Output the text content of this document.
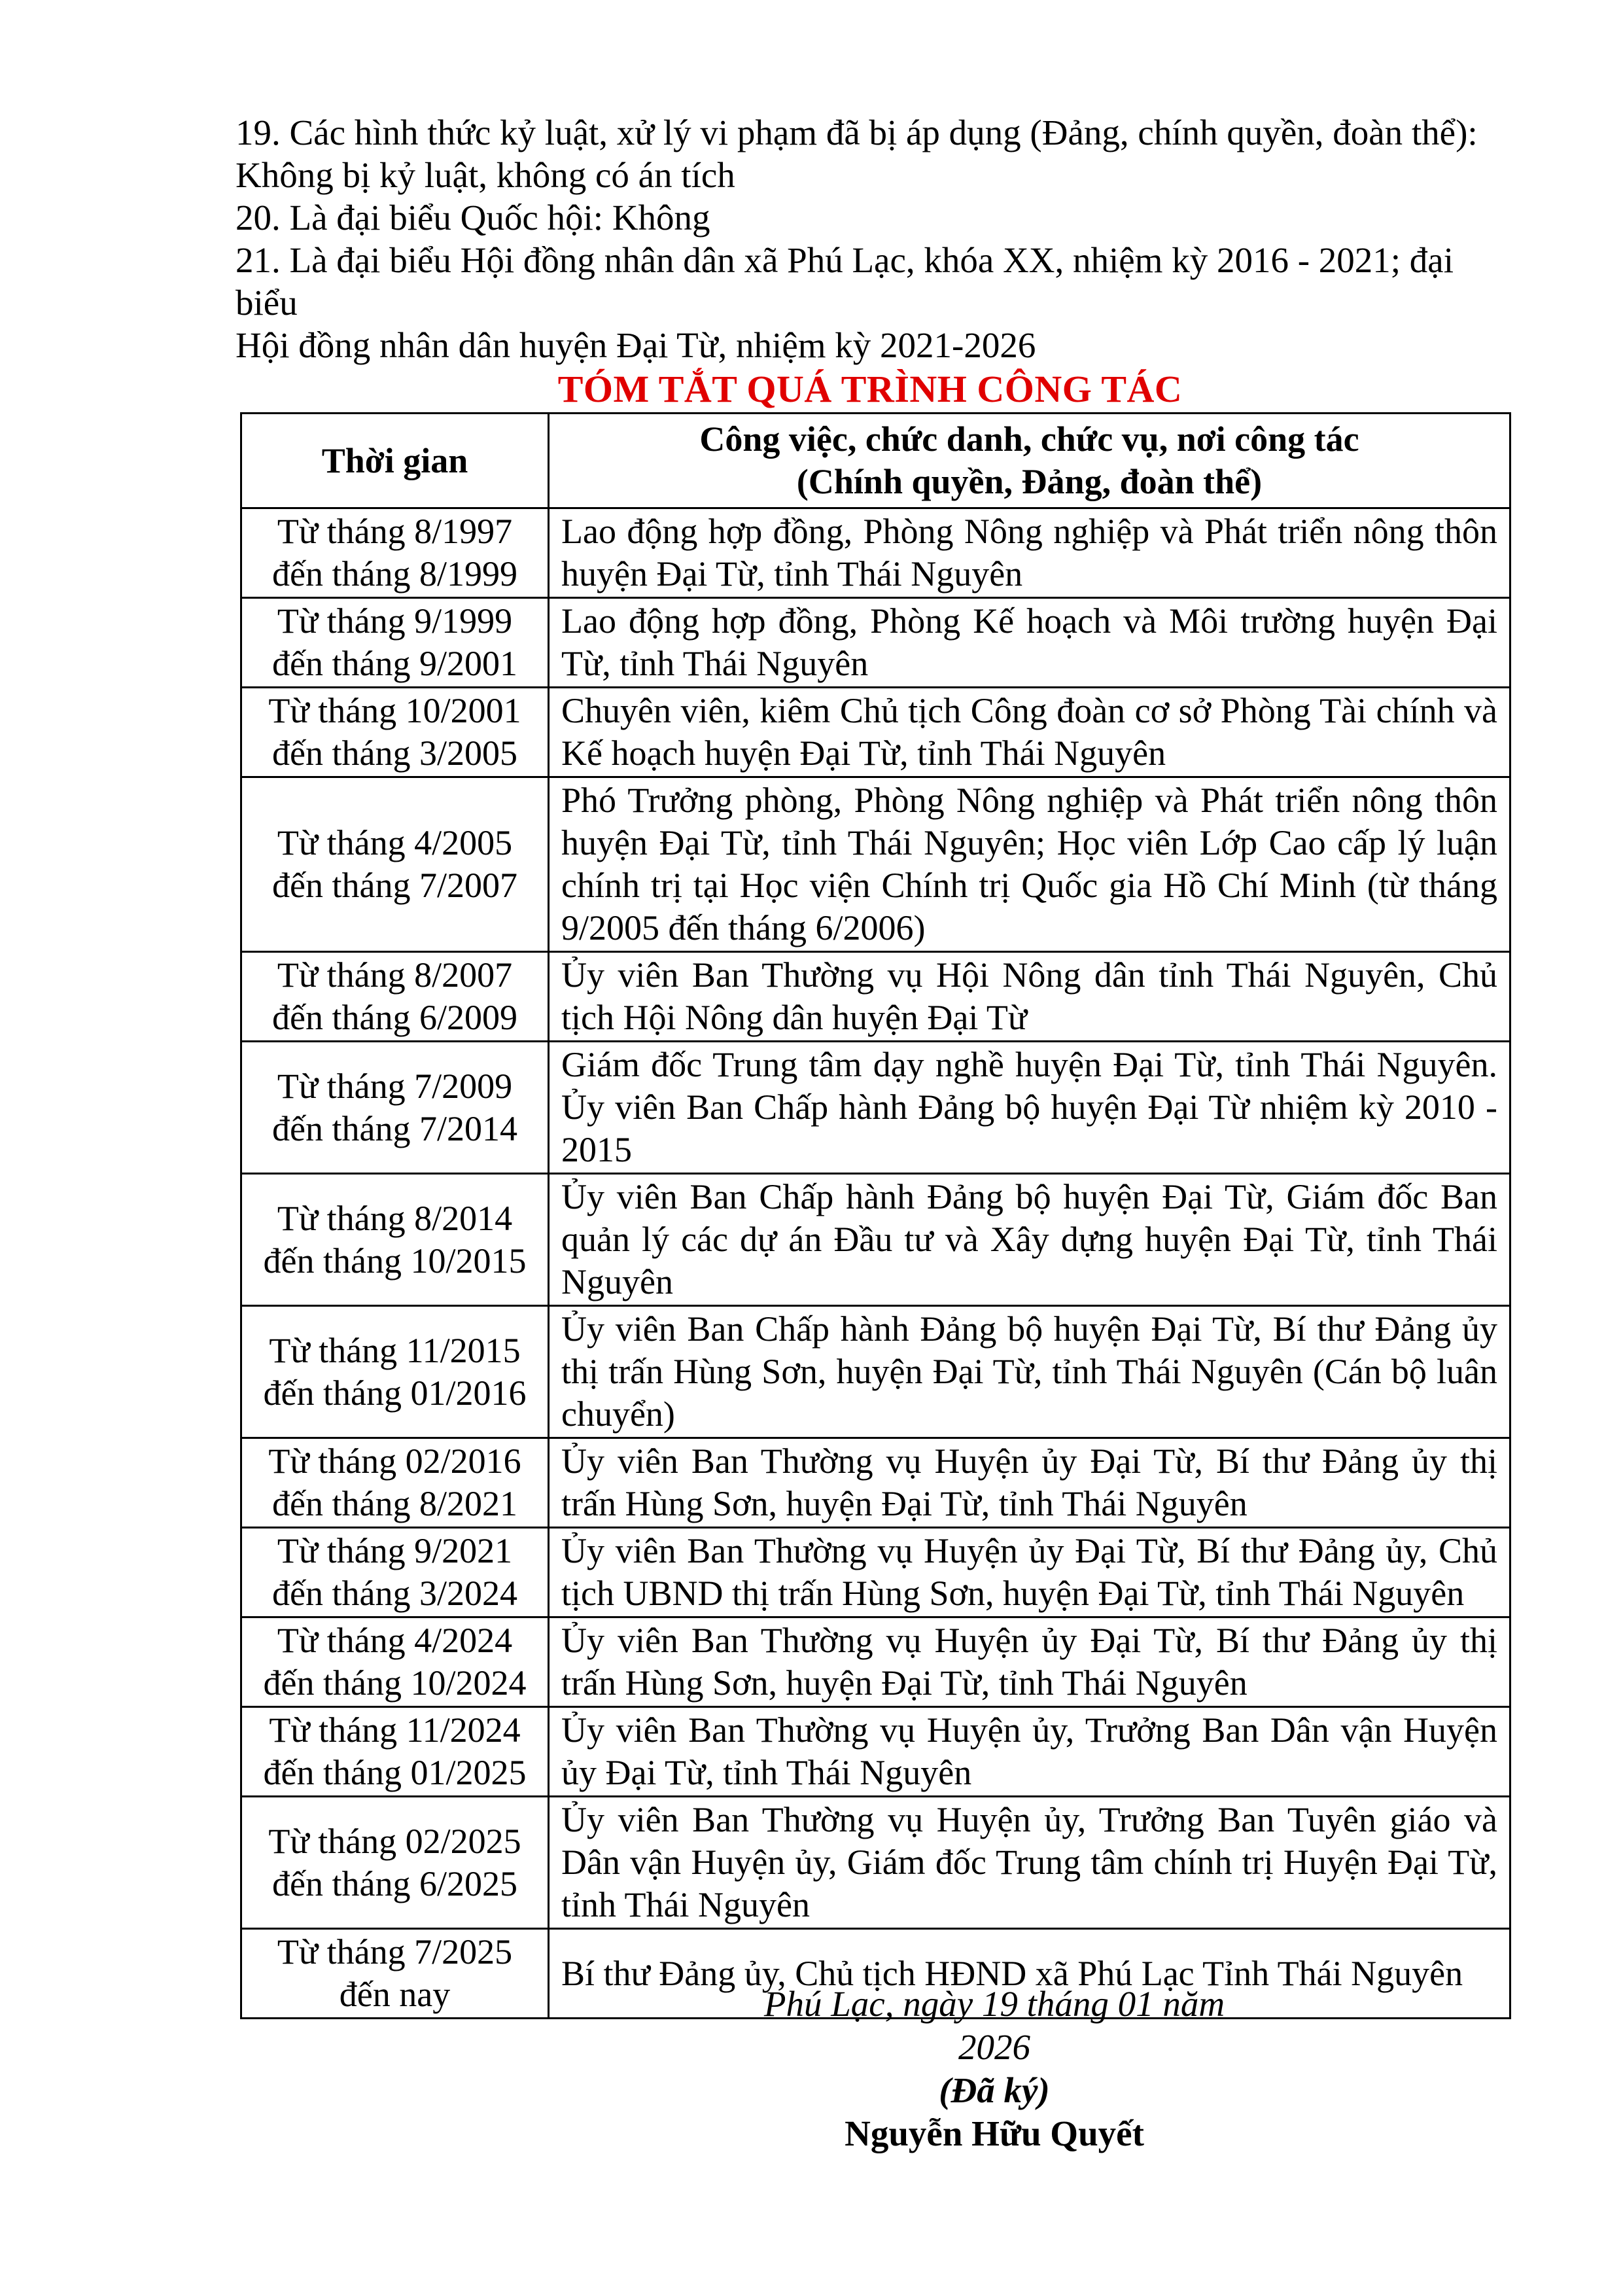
19. Các hình thức kỷ luật, xử lý vi phạm đã bị áp dụng (Đảng, chính quyền, đoàn thể):

Không bị kỷ luật, không có án tích

20. Là đại biểu Quốc hội: Không

21. Là đại biểu Hội đồng nhân dân xã Phú Lạc, khóa XX, nhiệm kỳ 2016 - 2021; đại biểu

Hội đồng nhân dân huyện Đại Từ, nhiệm kỳ 2021-2026

TÓM TẮT QUÁ TRÌNH CÔNG TÁC

Thời gian	Công việc, chức danh, chức vụ, nơi công tác
(Chính quyền, Đảng, đoàn thể)

Từ tháng 8/1997
đến tháng 8/1999	Lao động hợp đồng, Phòng Nông nghiệp và Phát triển nông thôn huyện Đại Từ, tỉnh Thái Nguyên

Từ tháng 9/1999
đến tháng 9/2001	Lao động hợp đồng, Phòng Kế hoạch và Môi trường huyện Đại Từ, tỉnh Thái Nguyên

Từ tháng 10/2001
đến tháng 3/2005	Chuyên viên, kiêm Chủ tịch Công đoàn cơ sở Phòng Tài chính và Kế hoạch huyện Đại Từ, tỉnh Thái Nguyên

Từ tháng 4/2005
đến tháng 7/2007	Phó Trưởng phòng, Phòng Nông nghiệp và Phát triển nông thôn huyện Đại Từ, tỉnh Thái Nguyên; Học viên Lớp Cao cấp lý luận chính trị tại Học viện Chính trị Quốc gia Hồ Chí Minh (từ tháng 9/2005 đến tháng 6/2006)

Từ tháng 8/2007
đến tháng 6/2009	Ủy viên Ban Thường vụ Hội Nông dân tỉnh Thái Nguyên, Chủ tịch Hội Nông dân huyện Đại Từ

Từ tháng 7/2009
đến tháng 7/2014	Giám đốc Trung tâm dạy nghề huyện Đại Từ, tỉnh Thái Nguyên. Ủy viên Ban Chấp hành Đảng bộ huyện Đại Từ nhiệm kỳ 2010 - 2015

Từ tháng 8/2014
đến tháng 10/2015	Ủy viên Ban Chấp hành Đảng bộ huyện Đại Từ, Giám đốc Ban quản lý các dự án Đầu tư và Xây dựng huyện Đại Từ, tỉnh Thái Nguyên

Từ tháng 11/2015
đến tháng 01/2016	Ủy viên Ban Chấp hành Đảng bộ huyện Đại Từ, Bí thư Đảng ủy thị trấn Hùng Sơn, huyện Đại Từ, tỉnh Thái Nguyên (Cán bộ luân chuyển)

Từ tháng 02/2016
đến tháng 8/2021	Ủy viên Ban Thường vụ Huyện ủy Đại Từ, Bí thư Đảng ủy thị trấn Hùng Sơn, huyện Đại Từ, tỉnh Thái Nguyên

Từ tháng 9/2021
đến tháng 3/2024	Ủy viên Ban Thường vụ Huyện ủy Đại Từ, Bí thư Đảng ủy, Chủ tịch UBND thị trấn Hùng Sơn, huyện Đại Từ, tỉnh Thái Nguyên

Từ tháng 4/2024
đến tháng 10/2024	Ủy viên Ban Thường vụ Huyện ủy Đại Từ, Bí thư Đảng ủy thị trấn Hùng Sơn, huyện Đại Từ, tỉnh Thái Nguyên

Từ tháng 11/2024
đến tháng 01/2025	Ủy viên Ban Thường vụ Huyện ủy, Trưởng Ban Dân vận Huyện ủy Đại Từ, tỉnh Thái Nguyên

Từ tháng 02/2025
đến tháng 6/2025	Ủy viên Ban Thường vụ Huyện ủy, Trưởng Ban Tuyên giáo và Dân vận Huyện ủy, Giám đốc Trung tâm chính trị Huyện Đại Từ, tỉnh Thái Nguyên

Từ tháng 7/2025
đến nay	Bí thư Đảng ủy, Chủ tịch HĐND xã Phú Lạc Tỉnh Thái Nguyên
Phú Lạc, ngày 19 tháng 01 năm 2026
(Đã ký)
Nguyễn Hữu Quyết
